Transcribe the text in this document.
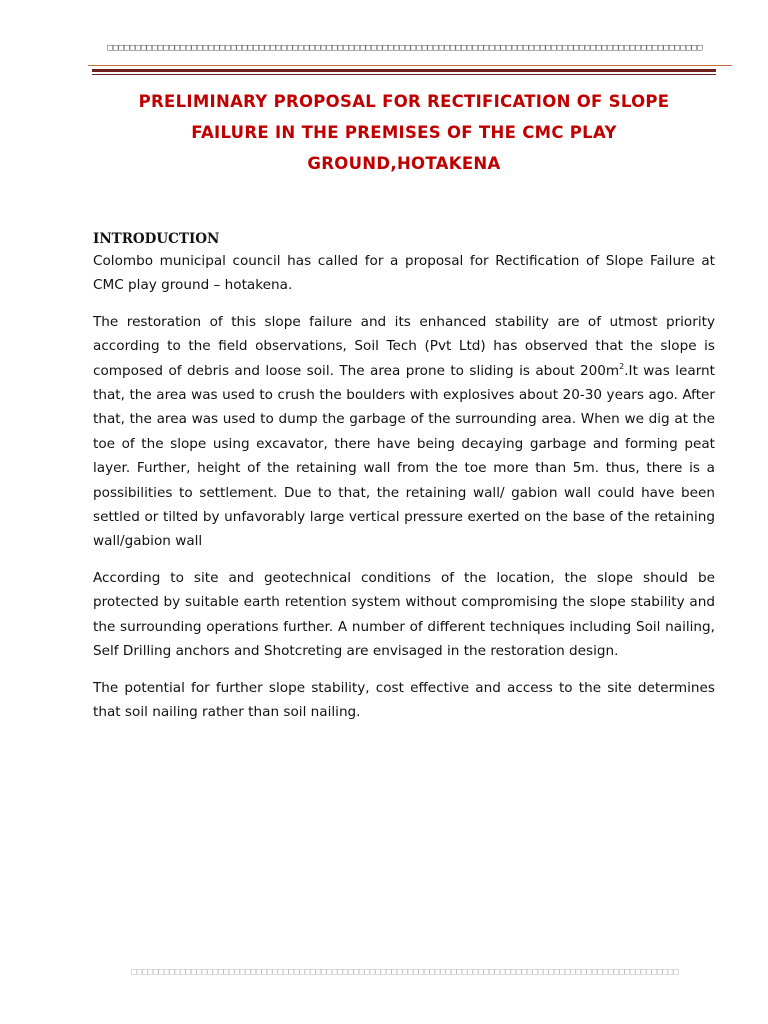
□□□□□□□□□□□□□□□□□□□□□□□□□□□□□□□□□□□□□□□□□□□□□□□□□□□□□□□□□□□□□□□□□□□□□□□□□□□□□□□□□□□□□□□□□□□□□□□□□□□□□□□□□□
PRELIMINARY PROPOSAL FOR RECTIFICATION OF SLOPE
FAILURE IN THE PREMISES OF THE CMC PLAY
GROUND,HOTAKENA

INTRODUCTION

Colombo municipal council has called for a proposal for Rectification of Slope Failure at CMC play ground – hotakena.

The restoration of this slope failure and its enhanced stability are of utmost priority according to the field observations, Soil Tech (Pvt Ltd) has observed that the slope is composed of debris and loose soil. The area prone to sliding is about $200m^2.It$ was learnt that, the area was used to crush the boulders with explosives about 20-30 years ago. After that, the area was used to dump the garbage of the surrounding area. When we dig at the toe of the slope using excavator, there have being decaying garbage and forming peat layer. Further, height of the retaining wall from the toe more than 5m. thus, there is a possibilities to settlement. Due to that, the retaining wall/ gabion wall could have been settled or tilted by unfavorably large vertical pressure exerted on the base of the retaining wall/gabion wall

According to site and geotechnical conditions of the location, the slope should be protected by suitable earth retention system without compromising the slope stability and the surrounding operations further. A number of different techniques including Soil nailing, Self Drilling anchors and Shotcreting are envisaged in the restoration design.

The potential for further slope stability, cost effective and access to the site determines that soil nailing rather than soil nailing.

□□□□□□□□□□□□□□□□□□□□□□□□□□□□□□□□□□□□□□□□□□□□□□□□□□□□□□□□□□□□□□□□□□□□□□□□□□□□□□□□□□□□□□□□□□□□□□□□□□□□□
